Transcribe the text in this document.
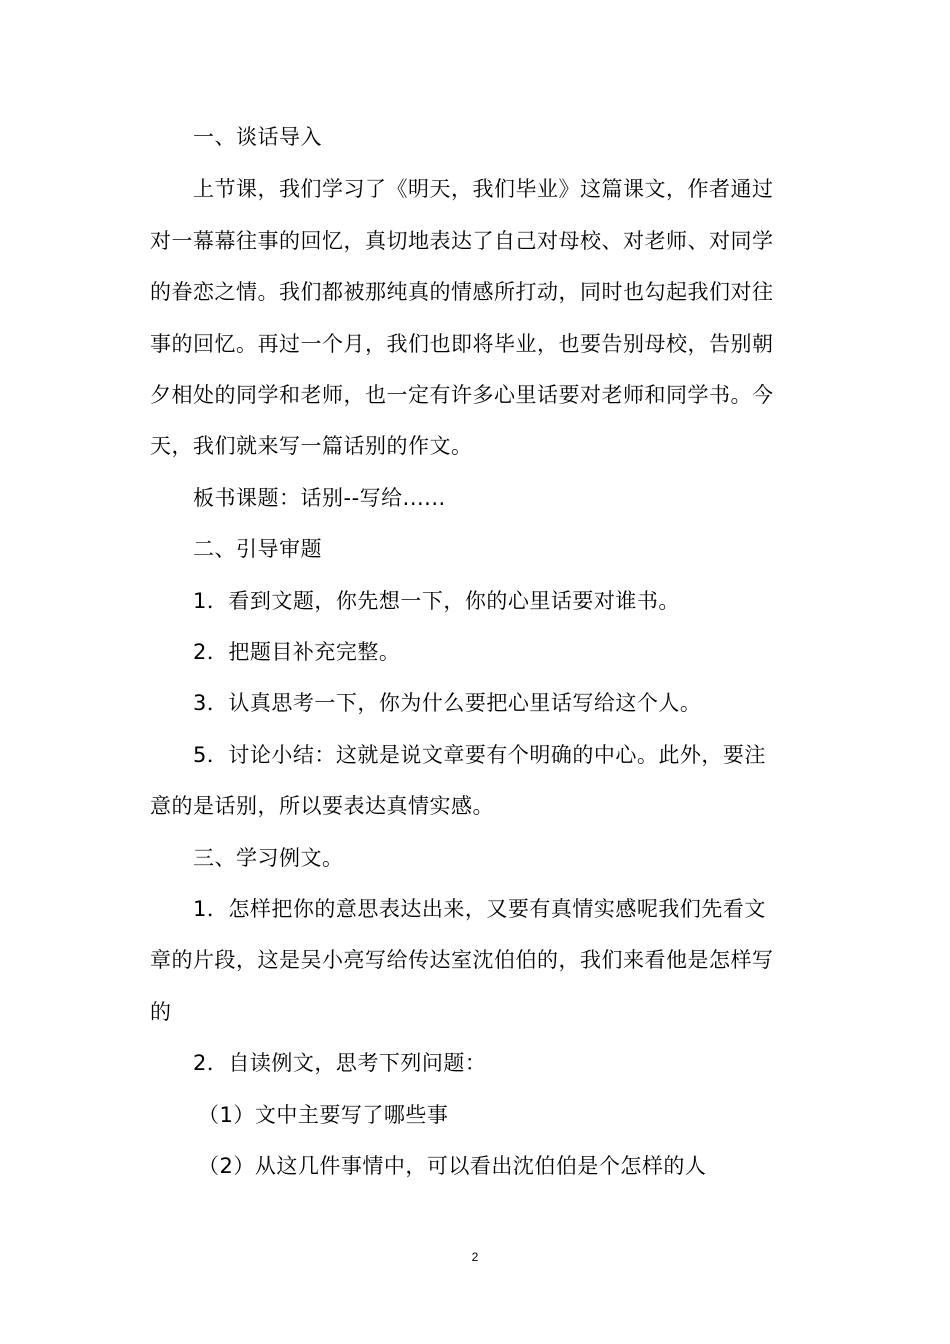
一、谈话导入
上节课，我们学习了《明天，我们毕业》这篇课文，作者通过
对一幕幕往事的回忆，真切地表达了自己对母校、对老师、对同学
的眷恋之情。我们都被那纯真的情感所打动，同时也勾起我们对往
事的回忆。再过一个月，我们也即将毕业，也要告别母校，告别朝
夕相处的同学和老师，也一定有许多心里话要对老师和同学书。今
天，我们就来写一篇话别的作文。
板书课题：话别--写给......
二、引导审题
1．看到文题，你先想一下，你的心里话要对谁书。
2．把题目补充完整。
3．认真思考一下，你为什么要把心里话写给这个人。
5．讨论小结：这就是说文章要有个明确的中心。此外，要注
意的是话别，所以要表达真情实感。
三、学习例文。
1．怎样把你的意思表达出来，又要有真情实感呢我们先看文
章的片段，这是吴小亮写给传达室沈伯伯的，我们来看他是怎样写
的
2．自读例文，思考下列问题：
（1）文中主要写了哪些事
（2）从这几件事情中，可以看出沈伯伯是个怎样的人
2
